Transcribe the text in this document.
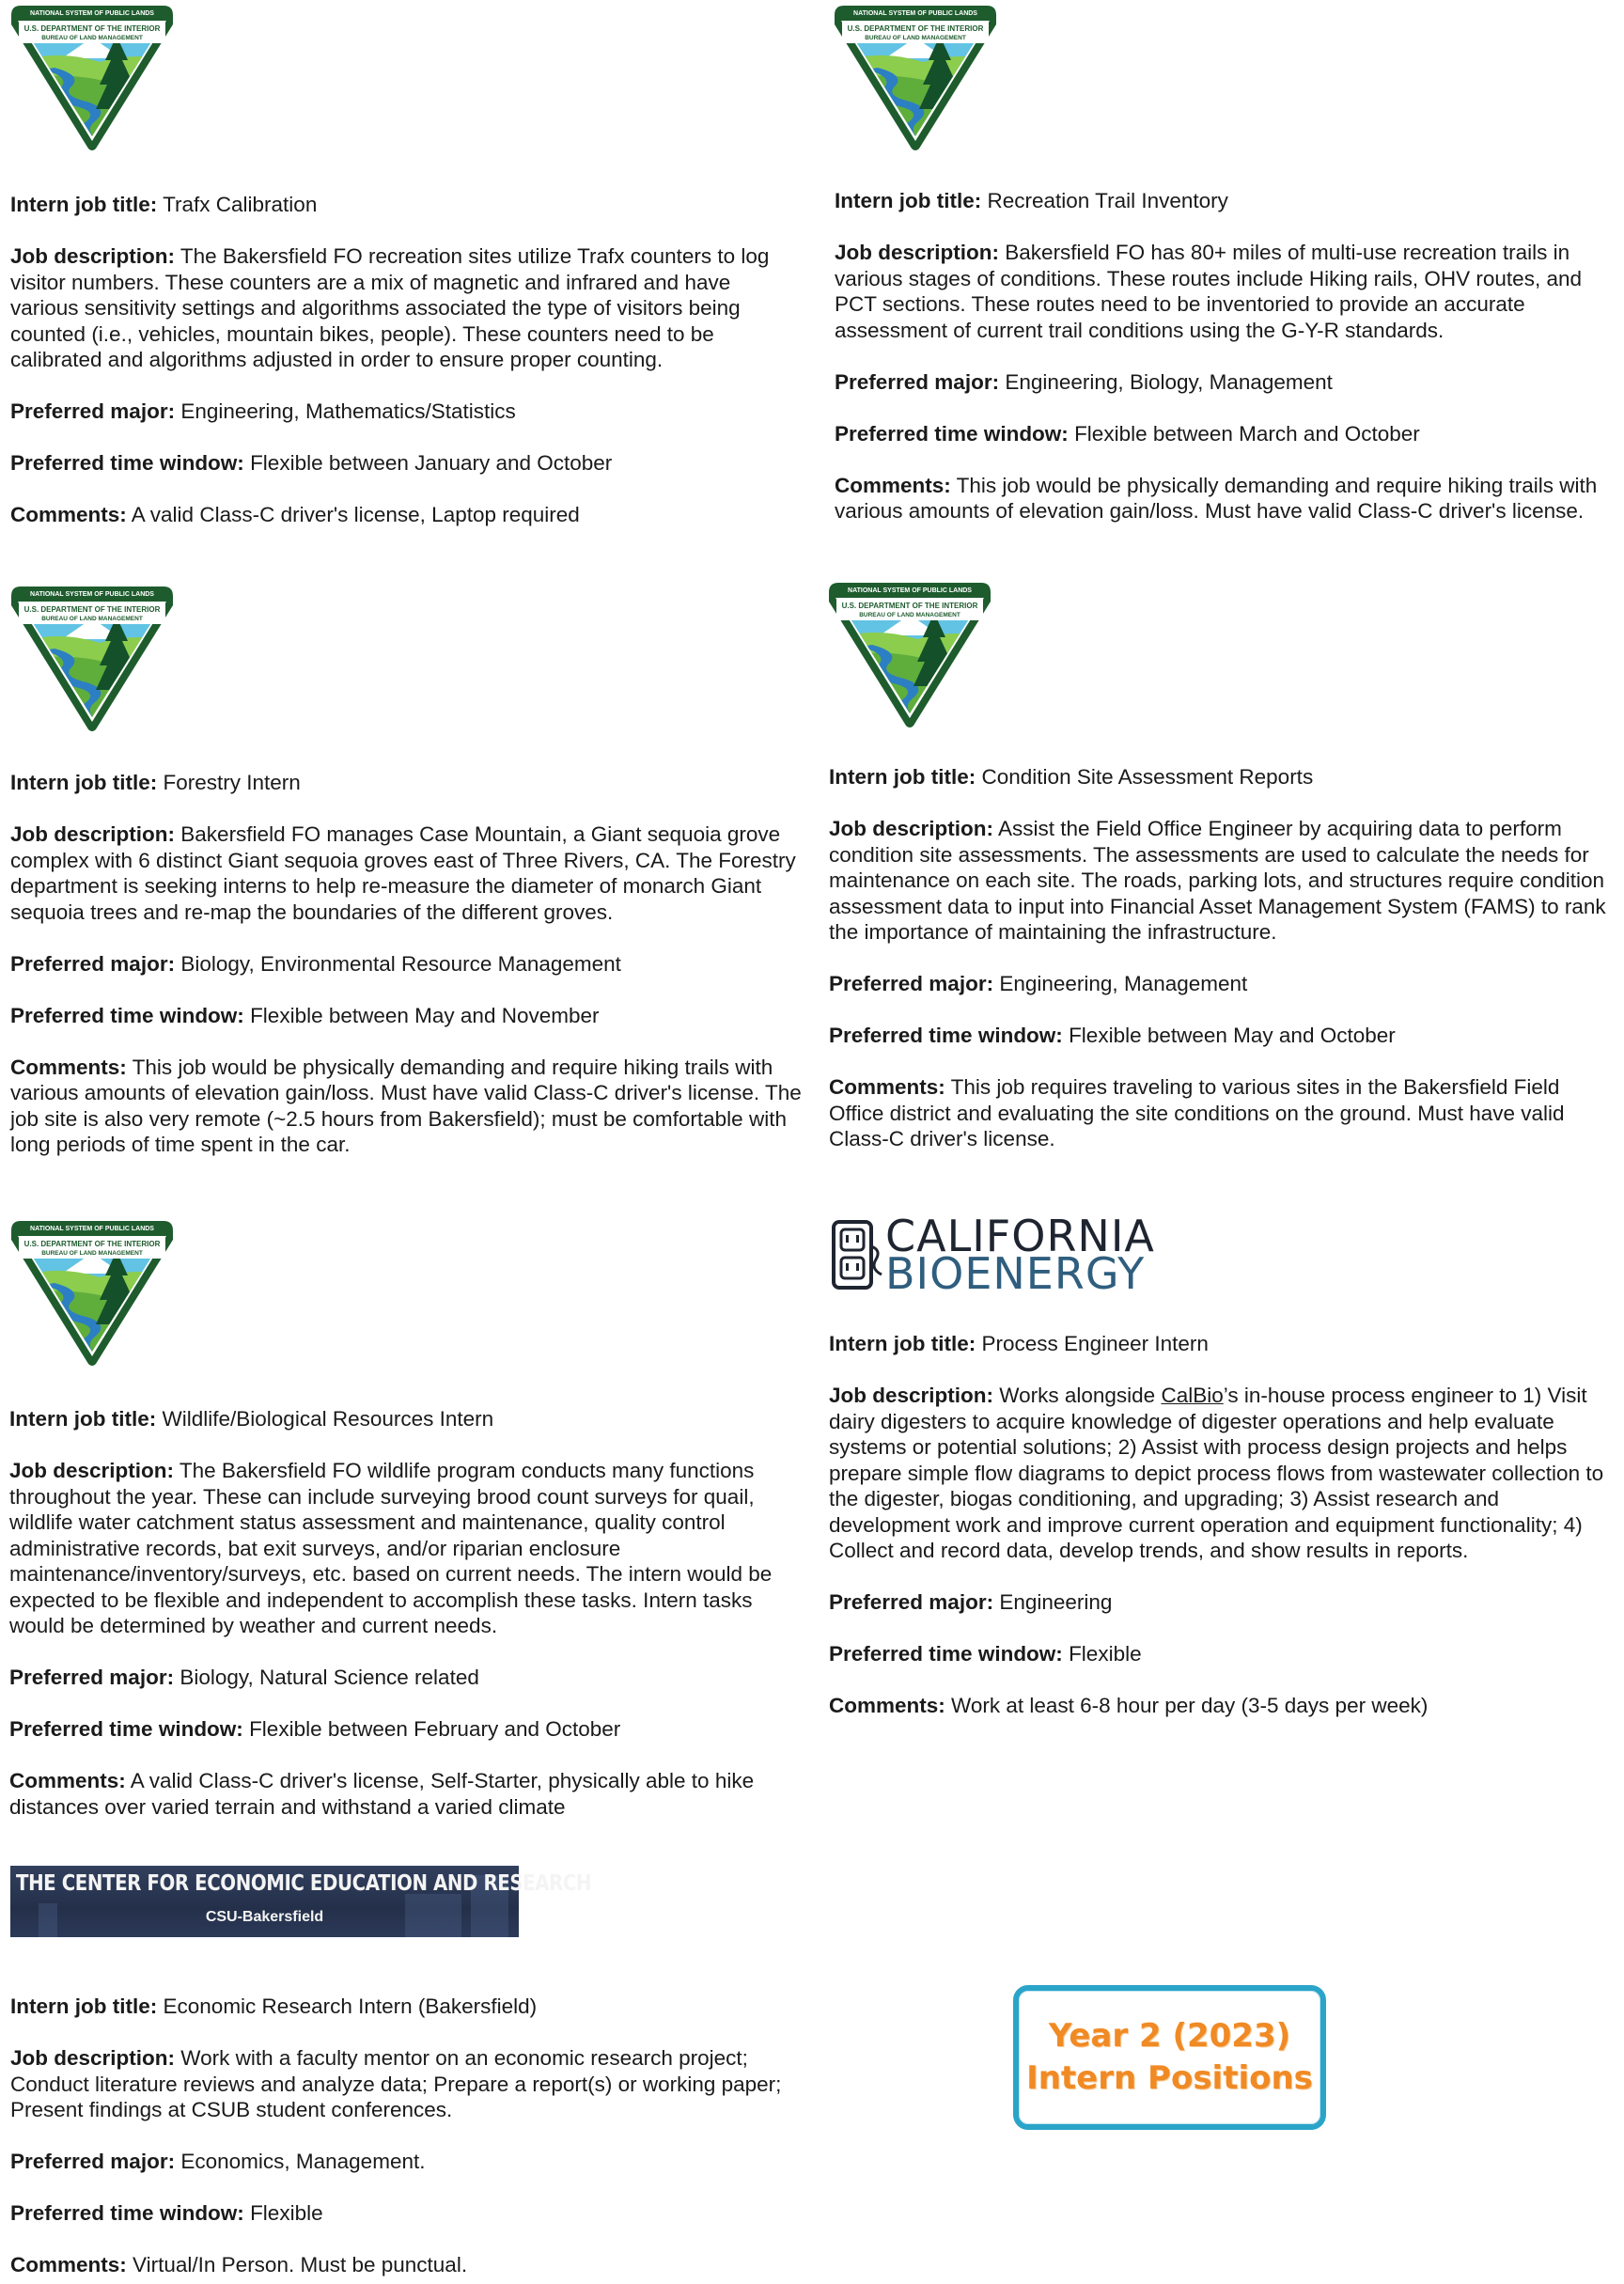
NATIONAL SYSTEM OF PUBLIC LANDS
U.S. DEPARTMENT OF THE INTERIOR
BUREAU OF LAND MANAGEMENT

Intern job title: Trafx Calibration

Job description: The Bakersfield FO recreation sites utilize Trafx counters to log visitor numbers. These counters are a mix of magnetic and infrared and have various sensitivity settings and algorithms associated the type of visitors being counted (i.e., vehicles, mountain bikes, people). These counters need to be calibrated and algorithms adjusted in order to ensure proper counting.

Preferred major: Engineering, Mathematics/Statistics

Preferred time window: Flexible between January and October

Comments: A valid Class-C driver's license, Laptop required

NATIONAL SYSTEM OF PUBLIC LANDS
U.S. DEPARTMENT OF THE INTERIOR
BUREAU OF LAND MANAGEMENT

Intern job title: Recreation Trail Inventory

Job description: Bakersfield FO has 80+ miles of multi-use recreation trails in various stages of conditions. These routes include Hiking rails, OHV routes, and PCT sections. These routes need to be inventoried to provide an accurate assessment of current trail conditions using the G-Y-R standards.

Preferred major: Engineering, Biology, Management

Preferred time window: Flexible between March and October

Comments: This job would be physically demanding and require hiking trails with various amounts of elevation gain/loss. Must have valid Class-C driver's license.

NATIONAL SYSTEM OF PUBLIC LANDS
U.S. DEPARTMENT OF THE INTERIOR
BUREAU OF LAND MANAGEMENT

Intern job title: Forestry Intern

Job description: Bakersfield FO manages Case Mountain, a Giant sequoia grove complex with 6 distinct Giant sequoia groves east of Three Rivers, CA. The Forestry department is seeking interns to help re-measure the diameter of monarch Giant sequoia trees and re-map the boundaries of the different groves.

Preferred major: Biology, Environmental Resource Management

Preferred time window: Flexible between May and November

Comments: This job would be physically demanding and require hiking trails with various amounts of elevation gain/loss. Must have valid Class-C driver's license. The job site is also very remote (~2.5 hours from Bakersfield); must be comfortable with long periods of time spent in the car.

NATIONAL SYSTEM OF PUBLIC LANDS
U.S. DEPARTMENT OF THE INTERIOR
BUREAU OF LAND MANAGEMENT

Intern job title: Condition Site Assessment Reports

Job description: Assist the Field Office Engineer by acquiring data to perform condition site assessments. The assessments are used to calculate the needs for maintenance on each site. The roads, parking lots, and structures require condition assessment data to input into Financial Asset Management System (FAMS) to rank the importance of maintaining the infrastructure.

Preferred major: Engineering, Management

Preferred time window: Flexible between May and October

Comments: This job requires traveling to various sites in the Bakersfield Field Office district and evaluating the site conditions on the ground. Must have valid Class-C driver's license.

NATIONAL SYSTEM OF PUBLIC LANDS
U.S. DEPARTMENT OF THE INTERIOR
BUREAU OF LAND MANAGEMENT

Intern job title: Wildlife/Biological Resources Intern

Job description: The Bakersfield FO wildlife program conducts many functions throughout the year. These can include surveying brood count surveys for quail, wildlife water catchment status assessment and maintenance, quality control administrative records, bat exit surveys, and/or riparian enclosure maintenance/inventory/surveys, etc. based on current needs. The intern would be expected to be flexible and independent to accomplish these tasks. Intern tasks would be determined by weather and current needs.

Preferred major: Biology, Natural Science related

Preferred time window: Flexible between February and October

Comments: A valid Class-C driver's license, Self-Starter, physically able to hike distances over varied terrain and withstand a varied climate

CALIFORNIA
BIOENERGY

Intern job title: Process Engineer Intern

Job description: Works alongside CalBio’s in-house process engineer to 1) Visit dairy digesters to acquire knowledge of digester operations and help evaluate systems or potential solutions; 2) Assist with process design projects and helps prepare simple flow diagrams to depict process flows from wastewater collection to the digester, biogas conditioning, and upgrading; 3) Assist research and development work and improve current operation and equipment functionality; 4) Collect and record data, develop trends, and show results in reports.

Preferred major: Engineering

Preferred time window: Flexible

Comments: Work at least 6-8 hour per day (3-5 days per week)

THE CENTER FOR ECONOMIC EDUCATION AND RESEARCH
CSU-Bakersfield

Intern job title: Economic Research Intern (Bakersfield)

Job description: Work with a faculty mentor on an economic research project; Conduct literature reviews and analyze data; Prepare a report(s) or working paper; Present findings at CSUB student conferences.

Preferred major: Economics, Management.

Preferred time window: Flexible

Comments: Virtual/In Person. Must be punctual.

Year 2 (2023)
Intern Positions
